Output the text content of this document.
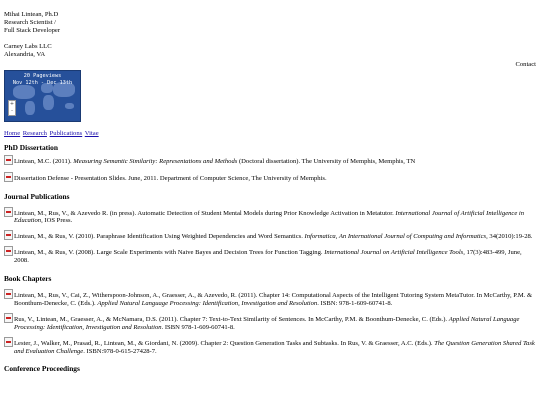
Mihai Lintean, Ph.D
Research Scientist /
Full Stack Developer
Carney Labs LLC
Alexandria, VA
Contact
20 Pageviews
Nov 12th - Dec 13th
+
-
Home Research Publications Vitae
PhD Dissertation
Lintean, M.C. (2011). Measuring Semantic Similarity: Representations and Methods (Doctoral dissertation). The University of Memphis, Memphis, TN
Dissertation Defense - Presentation Slides. June, 2011. Department of Computer Science, The University of Memphis.
Journal Publications
Lintean, M., Rus, V., & Azevedo R. (in press). Automatic Detection of Student Mental Models during Prior Knowledge Activation in Metatutor. International Journal of Artificial Intelligence in Education, IOS Press.
Lintean, M., & Rus, V. (2010). Paraphrase Identification Using Weighted Dependencies and Word Semantics. Informatica, An International Journal of Computing and Informatics, 34(2010):19-28.
Lintean, M., & Rus, V. (2008). Large Scale Experiments with Naive Bayes and Decision Trees for Function Tagging. International Journal on Artificial Intelligence Tools, 17(3):483-499, June, 2008.
Book Chapters
Lintean, M., Rus, V., Cai, Z., Witherspoon-Johnson, A., Graesser, A., & Azevedo, R. (2011). Chapter 14: Computational Aspects of the Intelligent Tutoring System MetaTutor. In McCarthy, P.M. & Boonthum-Denecke, C. (Eds.). Applied Natural Language Processing: Identification, Investigation and Resolution. ISBN: 978-1-609-60741-8.
Rus, V., Lintean, M., Graesser, A., & McNamara, D.S. (2011). Chapter 7: Text-to-Text Similarity of Sentences. In McCarthy, P.M. & Boonthum-Denecke, C. (Eds.). Applied Natural Language Processing: Identification, Investigation and Resolution. ISBN 978-1-609-60741-8.
Lester, J., Walker, M., Prasad, R., Lintean, M., & Giordani, N. (2009). Chapter 2: Question Generation Tasks and Subtasks. In Rus, V. & Graesser, A.C. (Eds.). The Question Generation Shared Task and Evaluation Challenge. ISBN:978-0-615-27428-7.
Conference Proceedings
